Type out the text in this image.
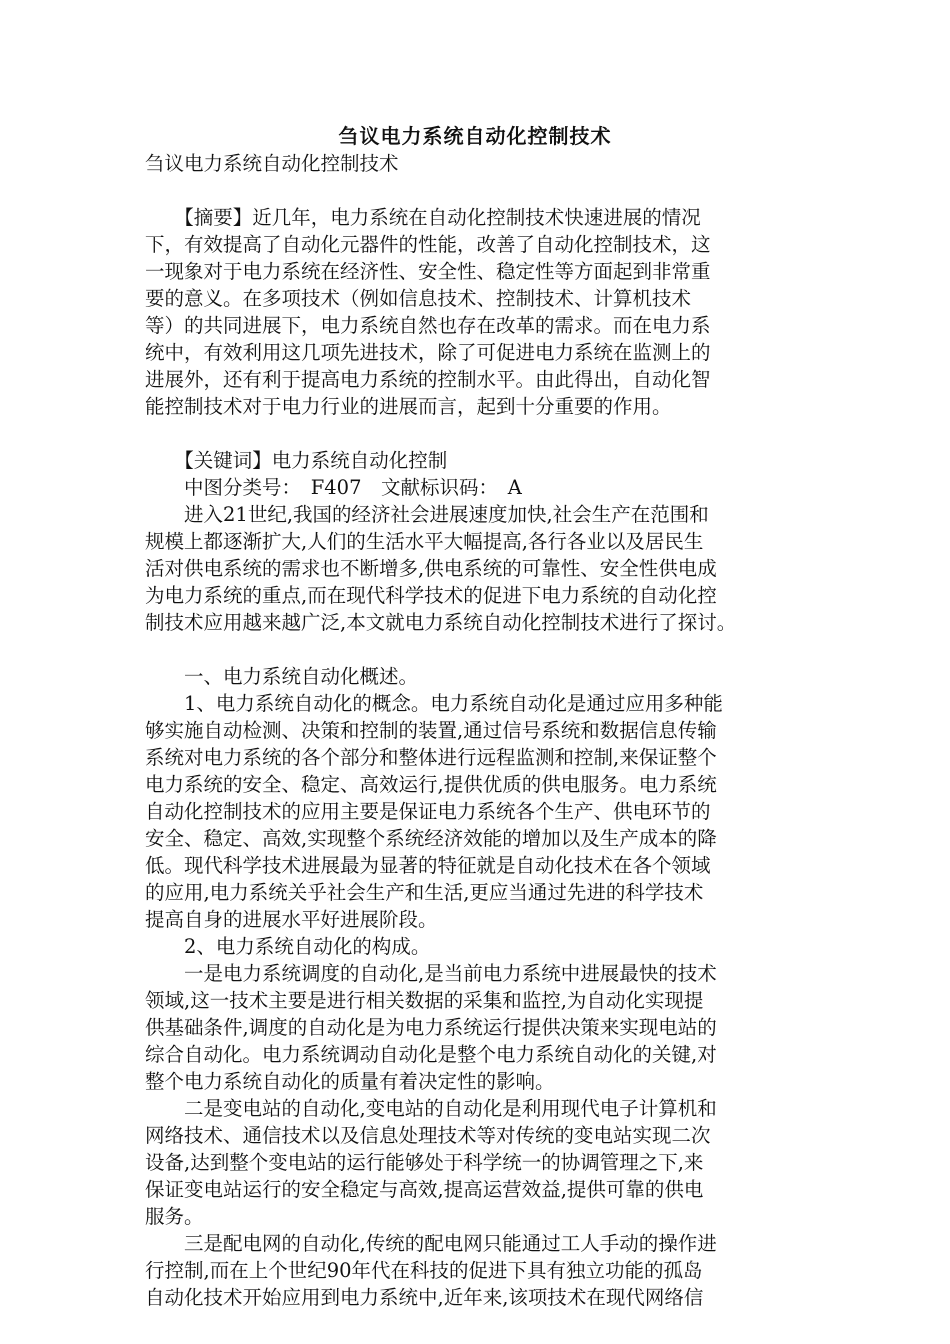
刍议电力系统自动化控制技术
刍议电力系统自动化控制技术
　　【摘要】近几年，电力系统在自动化控制技术快速进展的情况
下，有效提高了自动化元器件的性能，改善了自动化控制技术，这
一现象对于电力系统在经济性、安全性、稳定性等方面起到非常重
要的意义。在多项技术（例如信息技术、控制技术、计算机技术
等）的共同进展下，电力系统自然也存在改革的需求。而在电力系
统中，有效利用这几项先进技术，除了可促进电力系统在监测上的
进展外，还有利于提高电力系统的控制水平。由此得出，自动化智
能控制技术对于电力行业的进展而言，起到十分重要的作用。
　　【关键词】电力系统自动化控制
　　中图分类号：　F407　文献标识码：　A
　　进入21世纪,我国的经济社会进展速度加快,社会生产在范围和
规模上都逐渐扩大,人们的生活水平大幅提高,各行各业以及居民生
活对供电系统的需求也不断增多,供电系统的可靠性、安全性供电成
为电力系统的重点,而在现代科学技术的促进下电力系统的自动化控
制技术应用越来越广泛,本文就电力系统自动化控制技术进行了探讨。
　　一、电力系统自动化概述。
　　1、电力系统自动化的概念。电力系统自动化是通过应用多种能
够实施自动检测、决策和控制的装置,通过信号系统和数据信息传输
系统对电力系统的各个部分和整体进行远程监测和控制,来保证整个
电力系统的安全、稳定、高效运行,提供优质的供电服务。电力系统
自动化控制技术的应用主要是保证电力系统各个生产、供电环节的
安全、稳定、高效,实现整个系统经济效能的增加以及生产成本的降
低。现代科学技术进展最为显著的特征就是自动化技术在各个领域
的应用,电力系统关乎社会生产和生活,更应当通过先进的科学技术
提高自身的进展水平好进展阶段。
　　2、电力系统自动化的构成。
　　一是电力系统调度的自动化,是当前电力系统中进展最快的技术
领域,这一技术主要是进行相关数据的采集和监控,为自动化实现提
供基础条件,调度的自动化是为电力系统运行提供决策来实现电站的
综合自动化。电力系统调动自动化是整个电力系统自动化的关键,对
整个电力系统自动化的质量有着决定性的影响。
　　二是变电站的自动化,变电站的自动化是利用现代电子计算机和
网络技术、通信技术以及信息处理技术等对传统的变电站实现二次
设备,达到整个变电站的运行能够处于科学统一的协调管理之下,来
保证变电站运行的安全稳定与高效,提高运营效益,提供可靠的供电
服务。
　　三是配电网的自动化,传统的配电网只能通过工人手动的操作进
行控制,而在上个世纪90年代在科技的促进下具有独立功能的孤岛
自动化技术开始应用到电力系统中,近年来,该项技术在现代网络信
